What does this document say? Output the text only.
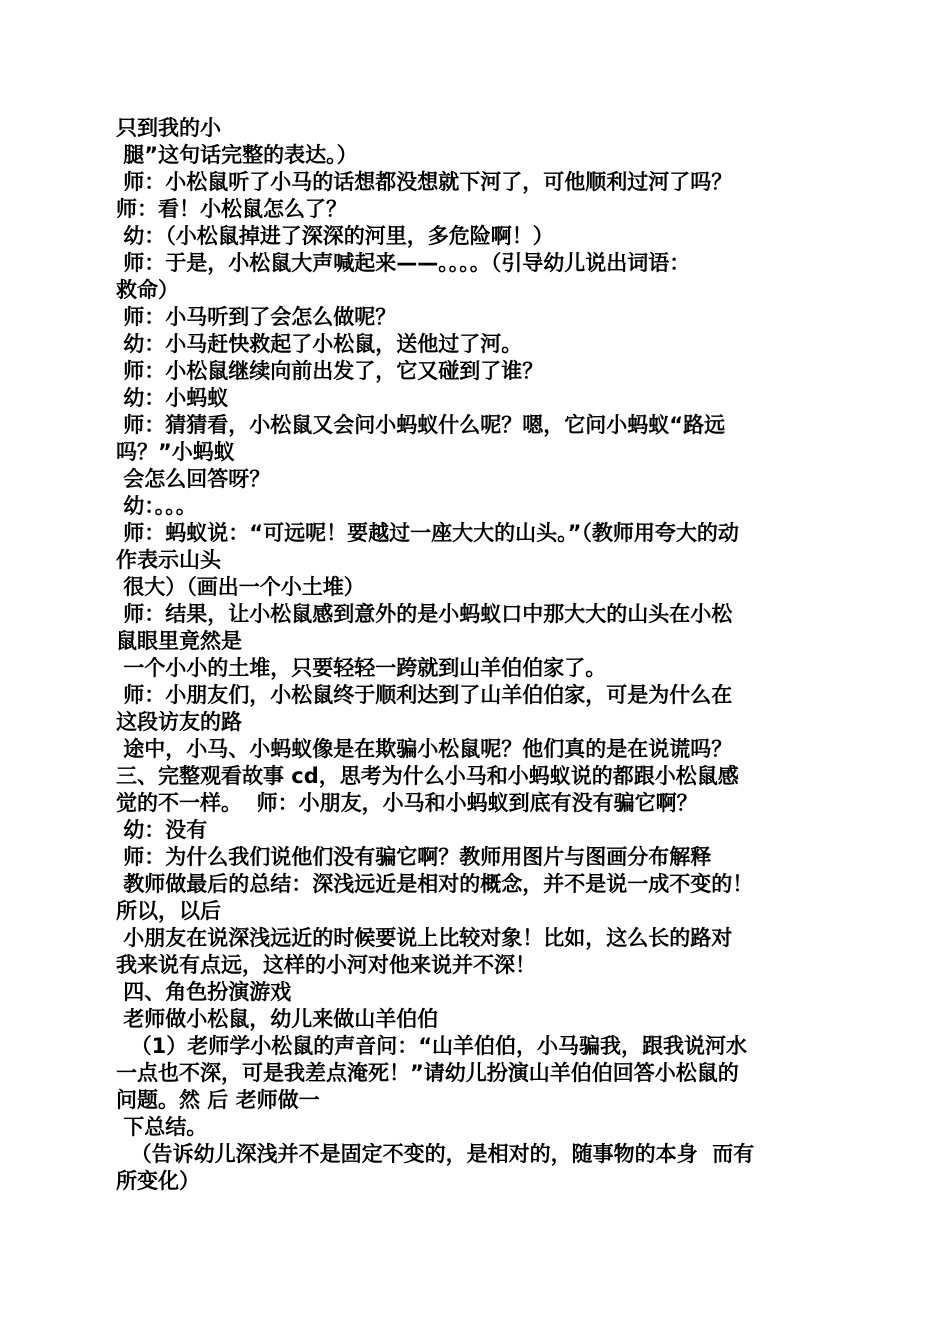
只到我的小
腿”这句话完整的表达。）
师：小松鼠听了小马的话想都没想就下河了，可他顺利过河了吗？
师：看！小松鼠怎么了？
幼：（小松鼠掉进了深深的河里，多危险啊！）
师：于是，小松鼠大声喊起来——。。。。（引导幼儿说出词语：
救命）
师：小马听到了会怎么做呢？
幼：小马赶快救起了小松鼠，送他过了河。
师：小松鼠继续向前出发了，它又碰到了谁？
幼：小蚂蚁
师：猜猜看，小松鼠又会问小蚂蚁什么呢？嗯，它问小蚂蚁“路远
吗？”小蚂蚁
会怎么回答呀？
幼：。。。
师：蚂蚁说：“可远呢！要越过一座大大的山头。”（教师用夸大的动
作表示山头
很大）（画出一个小土堆）
师：结果，让小松鼠感到意外的是小蚂蚁口中那大大的山头在小松
鼠眼里竟然是
一个小小的土堆，只要轻轻一跨就到山羊伯伯家了。
师：小朋友们，小松鼠终于顺利达到了山羊伯伯家，可是为什么在
这段访友的路
途中，小马、小蚂蚁像是在欺骗小松鼠呢？他们真的是在说谎吗？
三、完整观看故事 cd，思考为什么小马和小蚂蚁说的都跟小松鼠感
觉的不一样。  师：小朋友，小马和小蚂蚁到底有没有骗它啊？
幼：没有
师：为什么我们说他们没有骗它啊？教师用图片与图画分布解释
教师做最后的总结：深浅远近是相对的概念，并不是说一成不变的！
所以，以后
小朋友在说深浅远近的时候要说上比较对象！比如，这么长的路对
我来说有点远，这样的小河对他来说并不深！
四、角色扮演游戏
老师做小松鼠，幼儿来做山羊伯伯
（1）老师学小松鼠的声音问：“山羊伯伯，小马骗我，跟我说河水
一点也不深，可是我差点淹死！”请幼儿扮演山羊伯伯回答小松鼠的
问题。然 后 老师做一
下总结。
（告诉幼儿深浅并不是固定不变的，是相对的，随事物的本身  而有
所变化）
